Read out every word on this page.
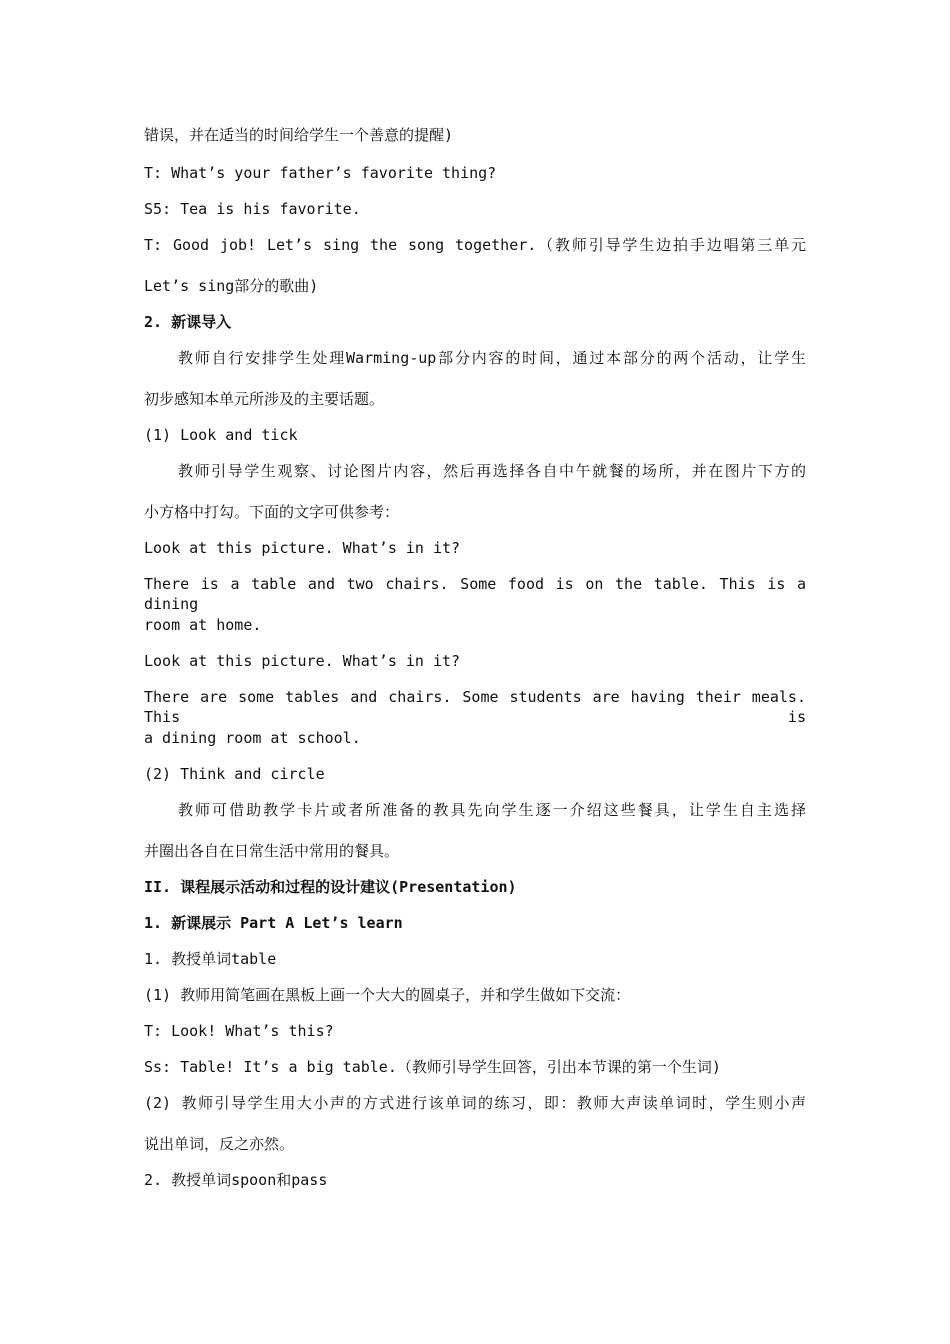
错误，并在适当的时间给学生一个善意的提醒)
T: What’s your father’s favorite thing?
S5: Tea is his favorite.
T: Good job! Let’s sing the song together.（教师引导学生边拍手边唱第三单元
Let’s sing部分的歌曲)
2. 新课导入
教师自行安排学生处理Warming-up部分内容的时间，通过本部分的两个活动，让学生
初步感知本单元所涉及的主要话题。
(1) Look and tick
教师引导学生观察、讨论图片内容，然后再选择各自中午就餐的场所，并在图片下方的
小方格中打勾。下面的文字可供参考：
Look at this picture. What’s in it?
There is a table and two chairs. Some food is on the table. This is a dining
room at home.
Look at this picture. What’s in it?
There are some tables and chairs. Some students are having their meals. This is
a dining room at school.
(2) Think and circle
教师可借助教学卡片或者所准备的教具先向学生逐一介绍这些餐具，让学生自主选择
并圈出各自在日常生活中常用的餐具。
II. 课程展示活动和过程的设计建议(Presentation)
1. 新课展示 Part A Let’s learn
1. 教授单词table
(1) 教师用简笔画在黑板上画一个大大的圆桌子，并和学生做如下交流：
T: Look! What’s this?
Ss: Table! It’s a big table.（教师引导学生回答，引出本节课的第一个生词)
(2) 教师引导学生用大小声的方式进行该单词的练习，即：教师大声读单词时，学生则小声
说出单词，反之亦然。
2. 教授单词spoon和pass
